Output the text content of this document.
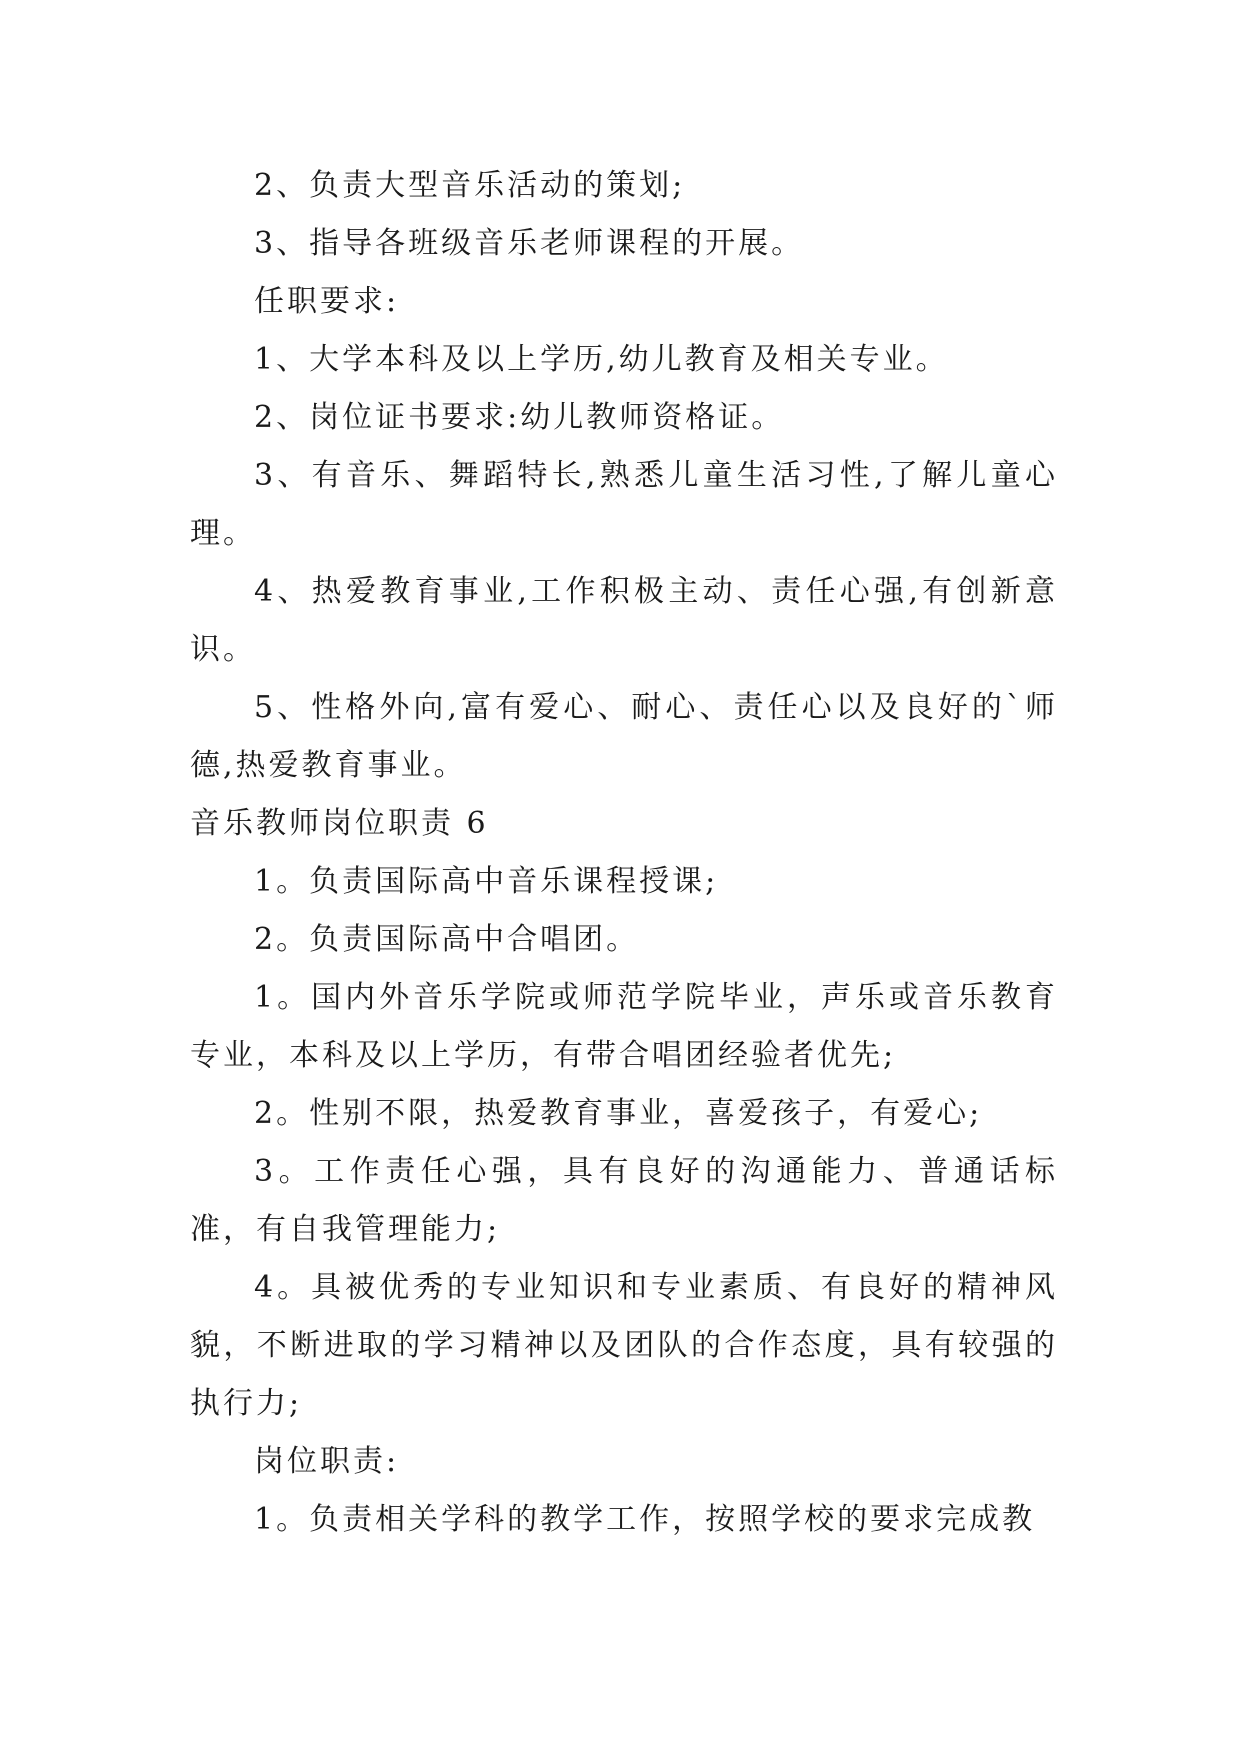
2、负责大型音乐活动的策划;

3、指导各班级音乐老师课程的开展。

任职要求:

1、大学本科及以上学历,幼儿教育及相关专业。

2、岗位证书要求:幼儿教师资格证。

3、有音乐、舞蹈特长,熟悉儿童生活习性,了解儿童心理。

4、热爱教育事业,工作积极主动、责任心强,有创新意识。

5、性格外向,富有爱心、耐心、责任心以及良好的`师德,热爱教育事业。

音乐教师岗位职责 6

1。负责国际高中音乐课程授课;

2。负责国际高中合唱团。

1。国内外音乐学院或师范学院毕业，声乐或音乐教育专业，本科及以上学历，有带合唱团经验者优先;

2。性别不限，热爱教育事业，喜爱孩子，有爱心;

3。工作责任心强，具有良好的沟通能力、普通话标准，有自我管理能力;

4。具被优秀的专业知识和专业素质、有良好的精神风貌，不断进取的学习精神以及团队的合作态度，具有较强的执行力;

岗位职责:

1。负责相关学科的教学工作，按照学校的要求完成教
